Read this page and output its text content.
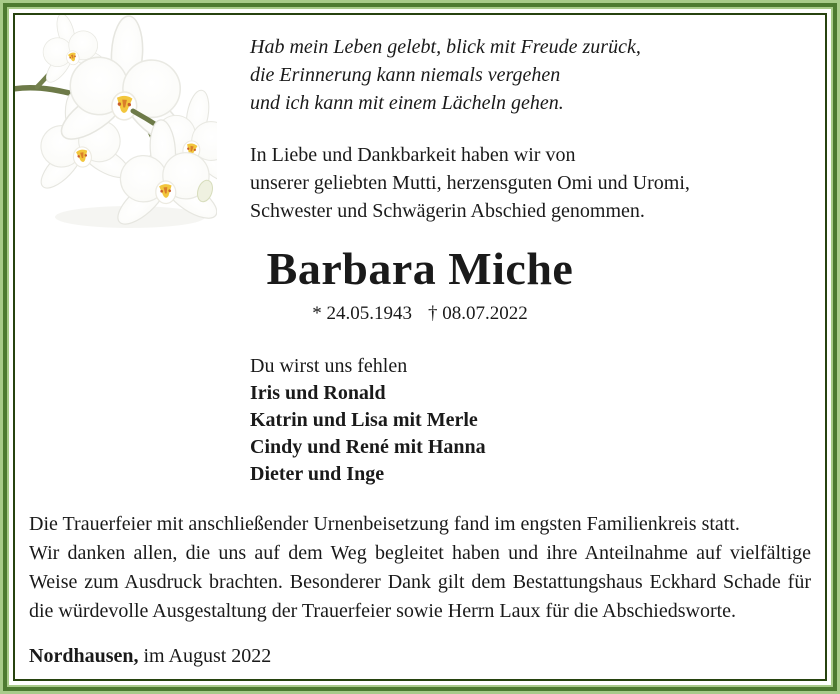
Hab mein Leben gelebt, blick mit Freude zurück,
die Erinnerung kann niemals vergehen
und ich kann mit einem Lächeln gehen.
In Liebe und Dankbarkeit haben wir von
unserer geliebten Mutti, herzensguten Omi und Uromi,
Schwester und Schwägerin Abschied genommen.
Barbara Miche
* 24.05.1943 † 08.07.2022
Du wirst uns fehlen
Iris und Ronald
Katrin und Lisa mit Merle
Cindy und René mit Hanna
Dieter und Inge
Die Trauerfeier mit anschließender Urnenbeisetzung fand im engsten Familienkreis statt.
Wir danken allen, die uns auf dem Weg begleitet haben und ihre Anteilnahme auf vielfältige Weise zum Ausdruck brachten. Besonderer Dank gilt dem Bestattungshaus Eckhard Schade für die würdevolle Ausgestaltung der Trauerfeier sowie Herrn Laux für die Abschiedsworte.
Nordhausen, im August 2022
